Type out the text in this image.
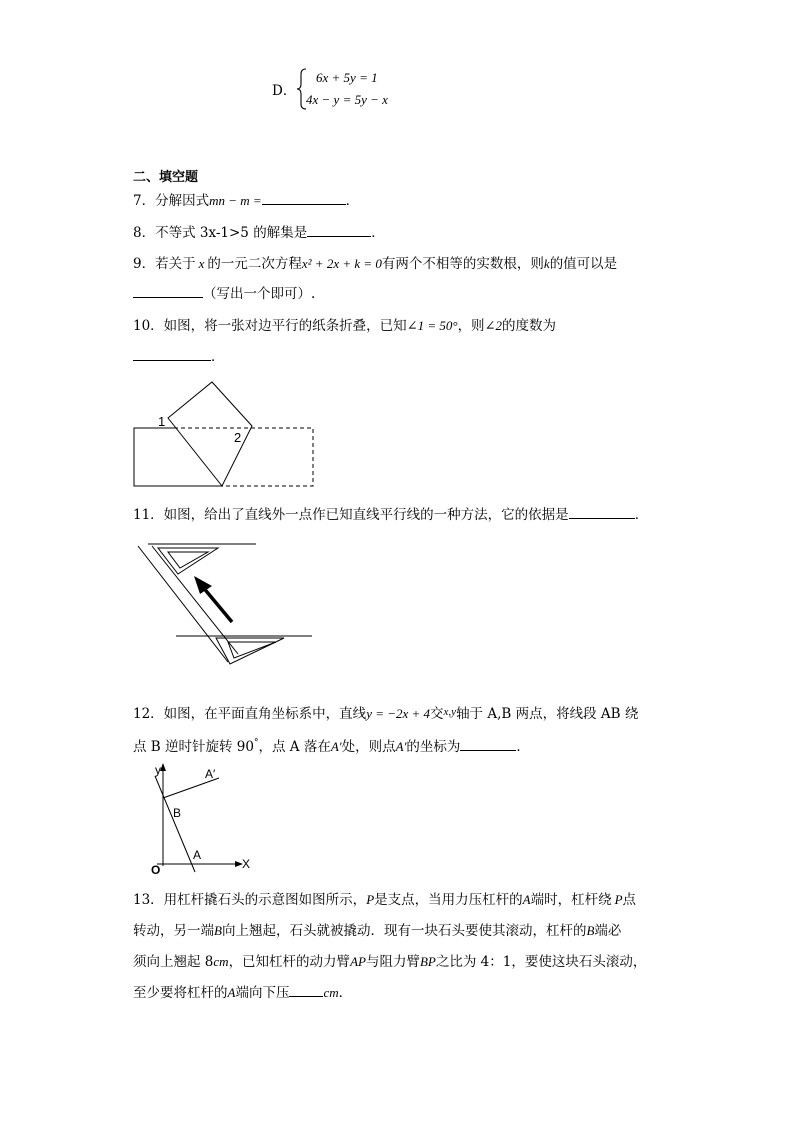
D．
6x + 5y = 1
4x − y = 5y − x
二、填空题
7．分解因式mn − m =	．
8．不等式 3x-1>5 的解集是	．
9．若关于 x 的一元二次方程x² + 2x + k = 0有两个不相等的实数根，则k的值可以是
（写出一个即可）.
10．如图，将一张对边平行的纸条折叠，已知∠1 = 50°，则∠2的度数为
．
1
2
11．如图，给出了直线外一点作已知直线平行线的一种方法，它的依据是	．
12．如图，在平面直角坐标系中，直线y = −2x + 4交$^{x,y}$轴于 A,B 两点，将线段 AB 绕
点 B 逆时针旋转 90°，点 A 落在A′处，则点A′的坐标为	．
y
X
O
A
B
A′
13．用杠杆撬石头的示意图如图所示，P是支点，当用力压杠杆的A端时，杠杆绕 P点
转动，另一端B向上翘起，石头就被撬动．现有一块石头要使其滚动，杠杆的B端必
须向上翘起 8cm，已知杠杆的动力臂AP与阻力臂BP之比为 4：1，要使这块石头滚动，
至少要将杠杆的A端向下压	cm．
